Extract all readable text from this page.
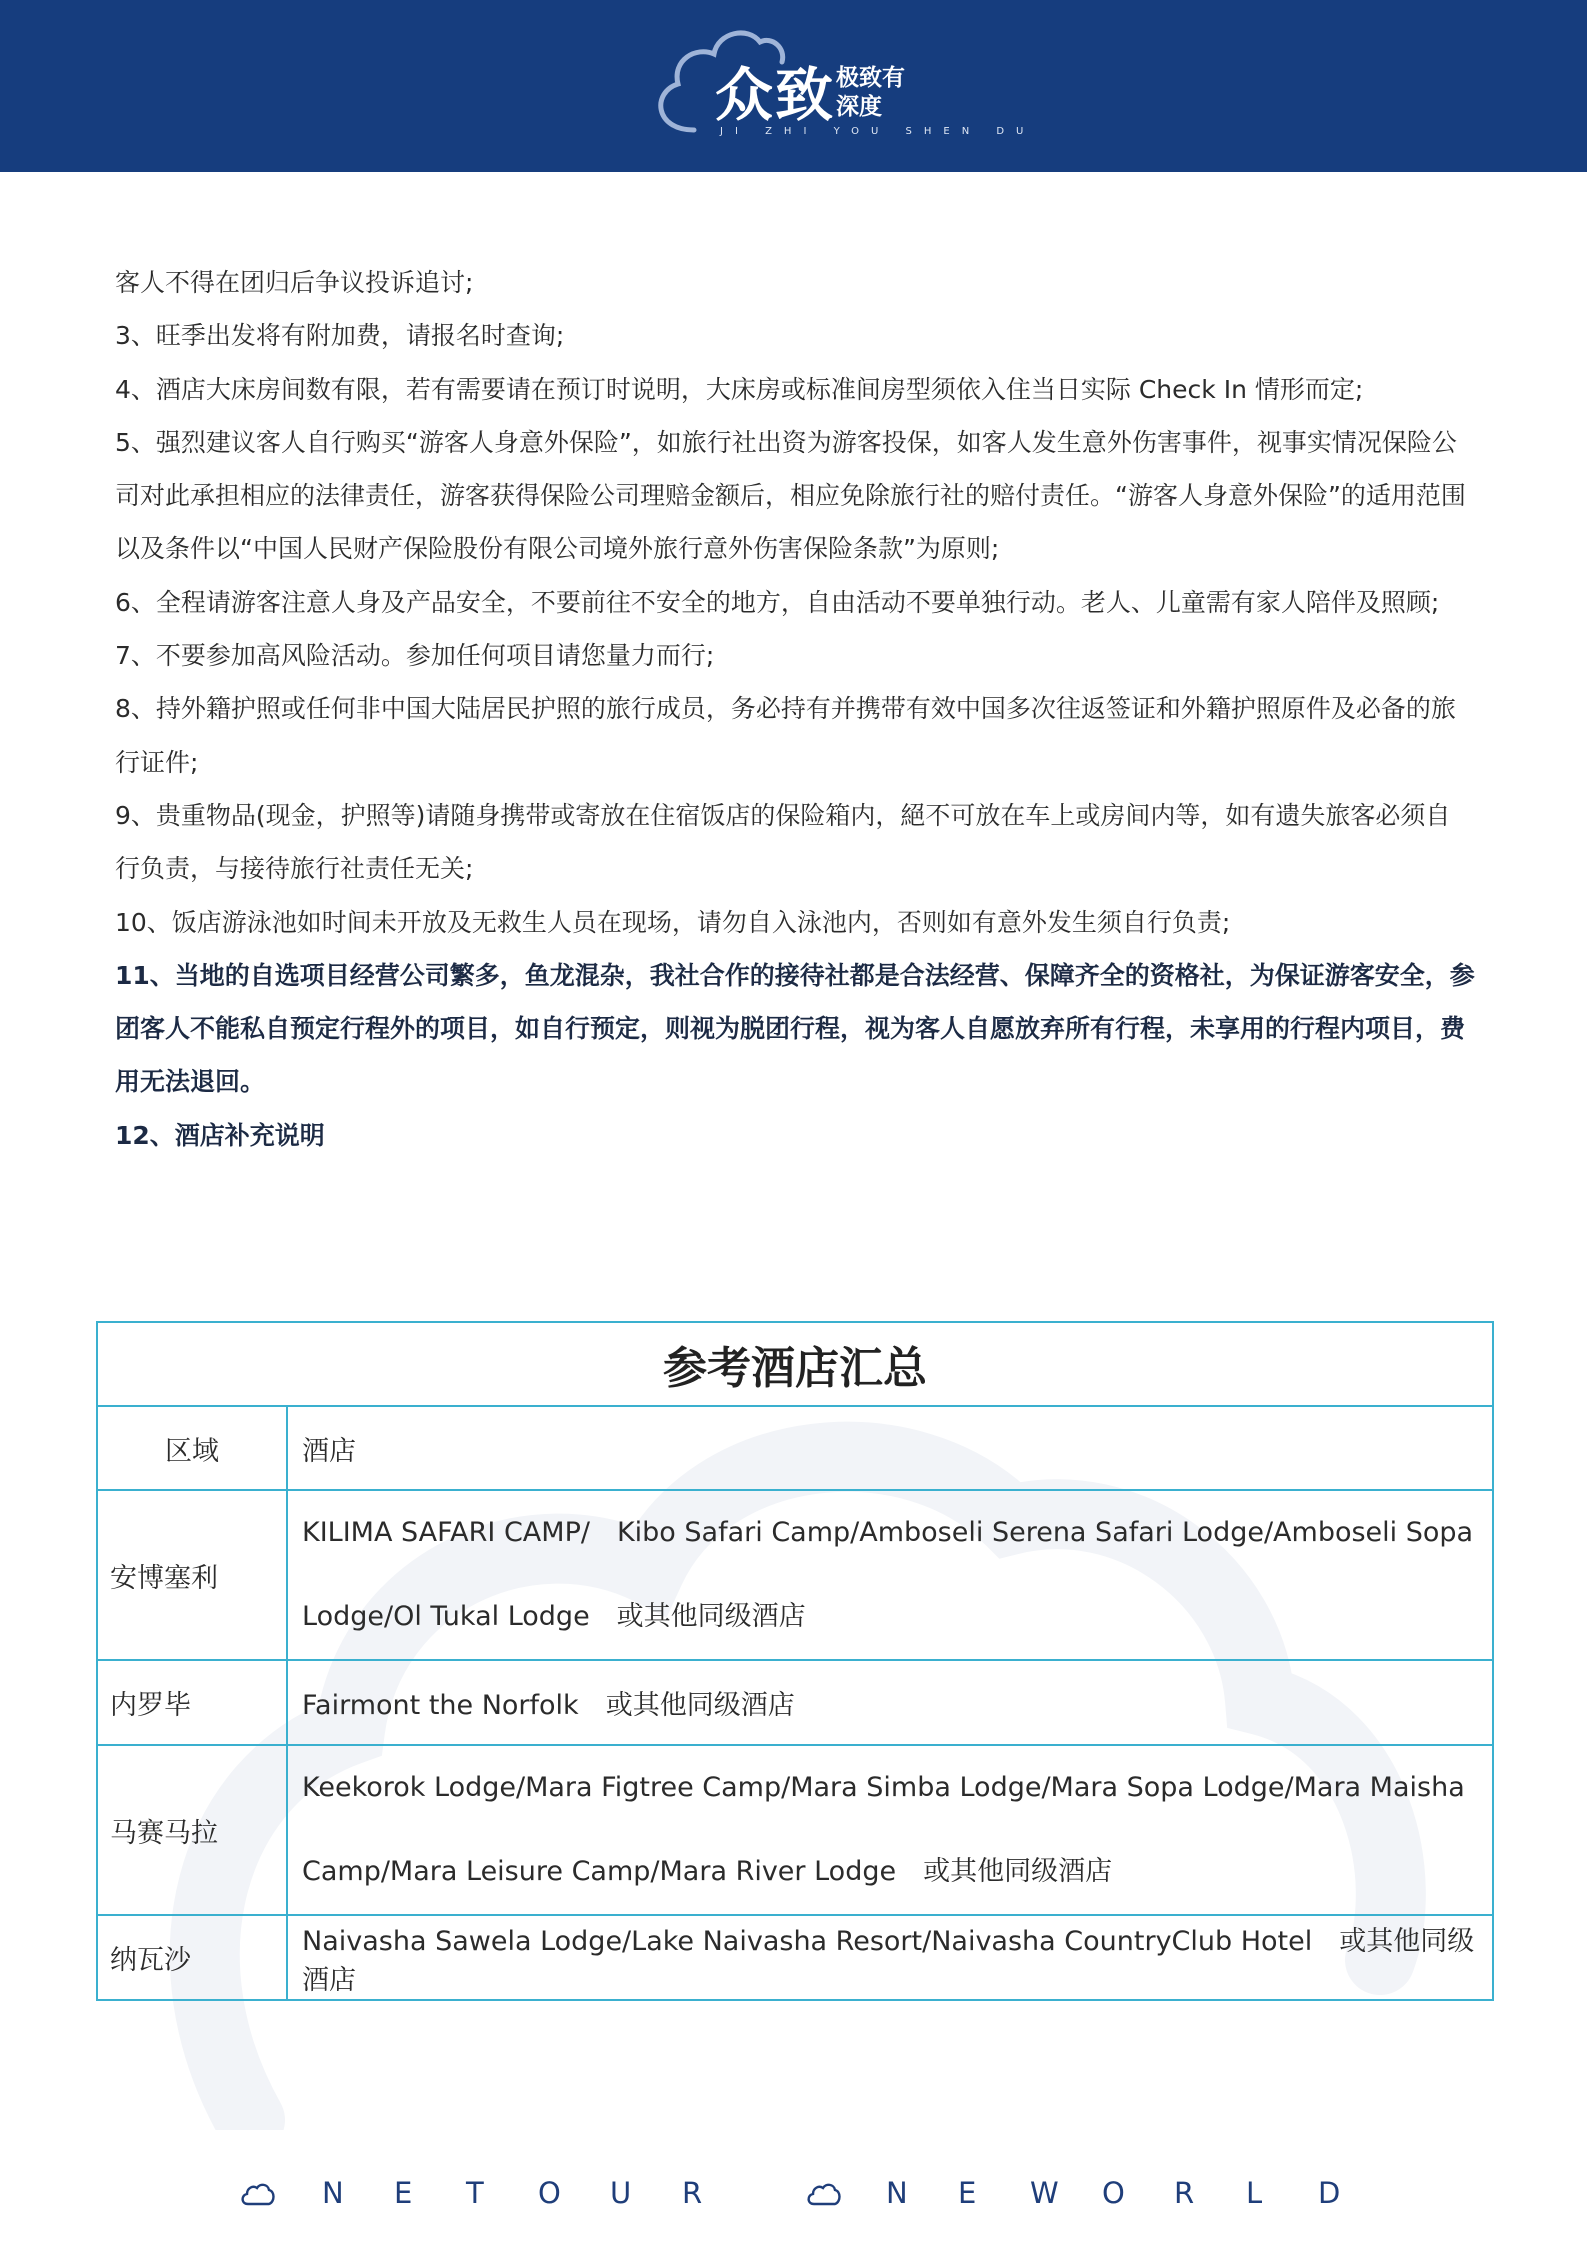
众致 极致有深度
JI ZHI YOU SHEN DU

客人不得在团归后争议投诉追讨;

3、旺季出发将有附加费，请报名时查询;

4、酒店大床房间数有限，若有需要请在预订时说明，大床房或标准间房型须依入住当日实际 Check In 情形而定;

5、强烈建议客人自行购买“游客人身意外保险”，如旅行社出资为游客投保，如客人发生意外伤害事件，视事实情况保险公司对此承担相应的法律责任，游客获得保险公司理赔金额后，相应免除旅行社的赔付责任。“游客人身意外保险”的适用范围以及条件以“中国人民财产保险股份有限公司境外旅行意外伤害保险条款”为原则;

6、全程请游客注意人身及产品安全，不要前往不安全的地方，自由活动不要单独行动。老人、儿童需有家人陪伴及照顾;

7、不要参加高风险活动。参加任何项目请您量力而行;

8、持外籍护照或任何非中国大陆居民护照的旅行成员，务必持有并携带有效中国多次往返签证和外籍护照原件及必备的旅行证件;

9、贵重物品(现金，护照等)请随身携带或寄放在住宿饭店的保险箱内，絕不可放在车上或房间内等，如有遗失旅客必须自行负责，与接待旅行社责任无关;

10、饭店游泳池如时间未开放及无救生人员在现场，请勿自入泳池内，否则如有意外发生须自行负责;

11、当地的自选项目经营公司繁多，鱼龙混杂，我社合作的接待社都是合法经营、保障齐全的资格社，为保证游客安全，参团客人不能私自预定行程外的项目，如自行预定，则视为脱团行程，视为客人自愿放弃所有行程，未享用的行程内项目，费用无法退回。

12、酒店补充说明

参考酒店汇总	
区域	酒店
安博塞利	KILIMA SAFARI CAMP/　Kibo Safari Camp/Amboseli Serena Safari Lodge/Amboseli Sopa Lodge/Ol Tukal Lodge　或其他同级酒店
内罗毕	Fairmont the Norfolk　或其他同级酒店
马赛马拉	Keekorok Lodge/Mara Figtree Camp/Mara Simba Lodge/Mara Sopa Lodge/Mara Maisha Camp/Mara Leisure Camp/Mara River Lodge　或其他同级酒店
纳瓦沙	Naivasha Sawela Lodge/Lake Naivasha Resort/Naivasha CountryClub Hotel　或其他同级酒店
N E T O U R	N E W O R L D
